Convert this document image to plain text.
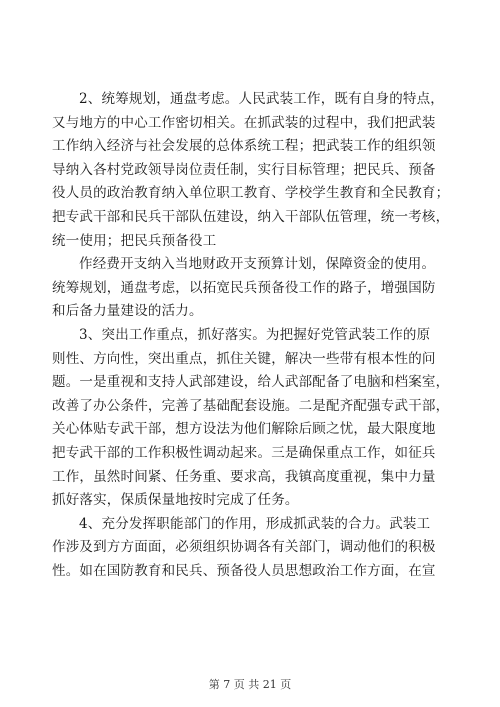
2、统筹规划，通盘考虑。人民武装工作，既有自身的特点，
又与地方的中心工作密切相关。在抓武装的过程中，我们把武装
工作纳入经济与社会发展的总体系统工程；把武装工作的组织领
导纳入各村党政领导岗位责任制，实行目标管理；把民兵、预备
役人员的政治教育纳入单位职工教育、学校学生教育和全民教育；
把专武干部和民兵干部队伍建设，纳入干部队伍管理，统一考核，
统一使用；把民兵预备役工
作经费开支纳入当地财政开支预算计划，保障资金的使用。
统筹规划，通盘考虑，以拓宽民兵预备役工作的路子，增强国防
和后备力量建设的活力。
3、突出工作重点，抓好落实。为把握好党管武装工作的原
则性、方向性，突出重点，抓住关键，解决一些带有根本性的问
题。一是重视和支持人武部建设，给人武部配备了电脑和档案室，
改善了办公条件，完善了基础配套设施。二是配齐配强专武干部，
关心体贴专武干部，想方设法为他们解除后顾之忧，最大限度地
把专武干部的工作积极性调动起来。三是确保重点工作，如征兵
工作，虽然时间紧、任务重、要求高，我镇高度重视，集中力量
抓好落实，保质保量地按时完成了任务。
4、充分发挥职能部门的作用，形成抓武装的合力。武装工
作涉及到方方面面，必须组织协调各有关部门，调动他们的积极
性。如在国防教育和民兵、预备役人员思想政治工作方面，在宣
第 7 页 共 21 页
